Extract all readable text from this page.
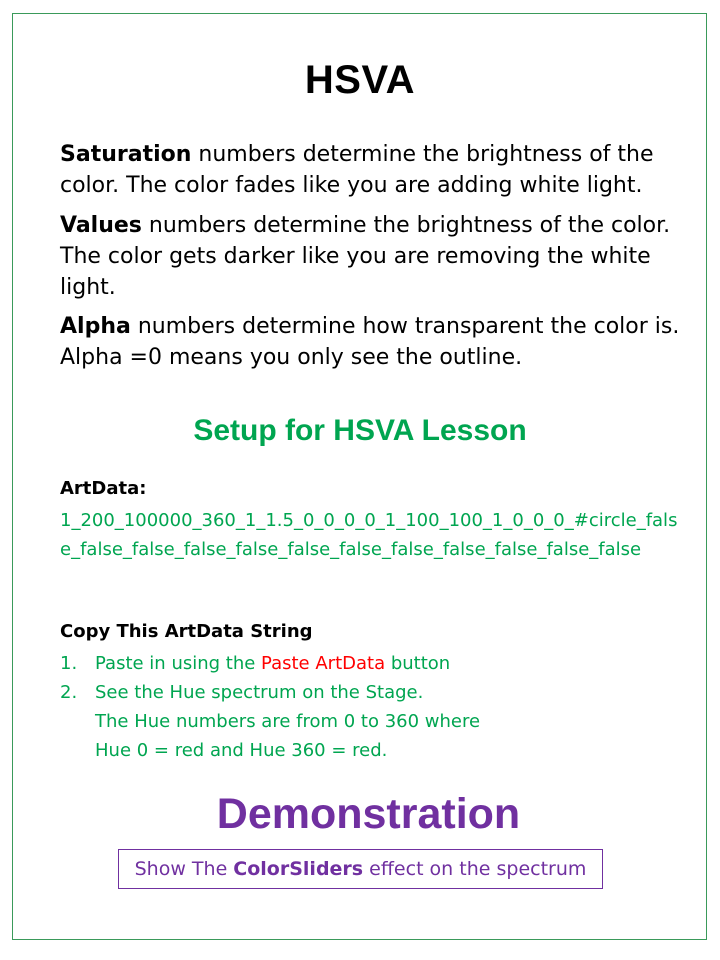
HSVA
Saturation numbers determine the brightness of the color. The color fades like you are adding white light.
Values numbers determine the brightness of the color. The color gets darker like you are removing the white light.
Alpha numbers determine how transparent the color is. Alpha =0 means you only see the outline.
Setup for HSVA Lesson
ArtData:
1_200_100000_360_1_1.5_0_0_0_0_1_100_100_1_0_0_0_#circle_false_false_false_false_false_false_false_false_false_false_false_false
Copy This ArtData String
1. Paste in using the Paste ArtData button
2. See the Hue spectrum on the Stage.
The Hue numbers are from 0 to 360 where
Hue 0 = red and Hue 360 = red.
Demonstration
Show The ColorSliders effect on the spectrum
